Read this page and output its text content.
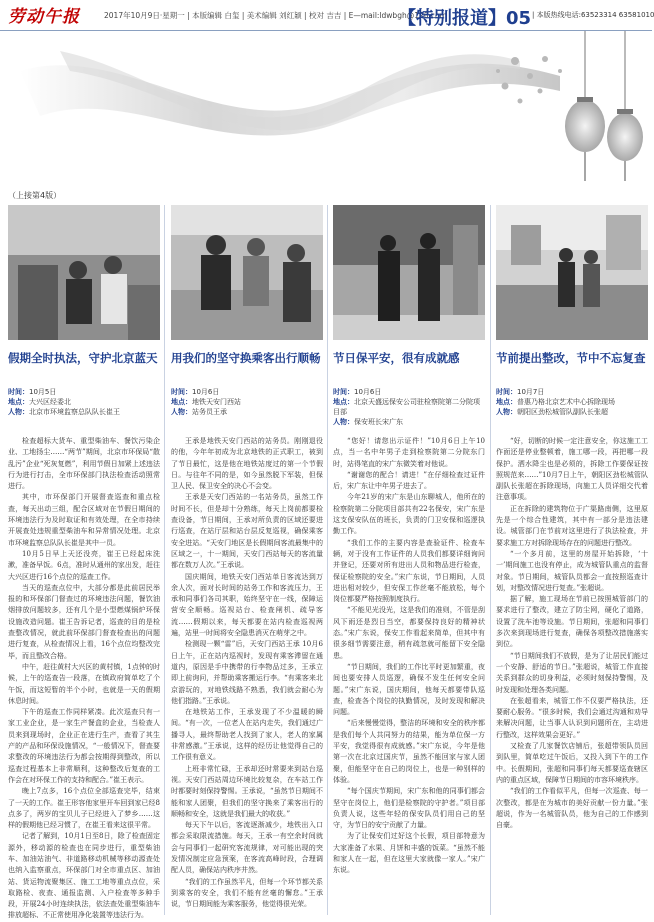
劳动午报	2017年10月9日·星期一 | 本版编辑 白玺 | 美术编辑 刘红颖 | 校对 吉吉 | E—mail:ldwbgh@126.com
【特别报道】05 | 本版热线电话:63523314 63581010
（上接第4版）
假期全时执法，守护北京蓝天
时间：10月5日
地点：大兴区经委北
人物：北京市环境监察总队队长崔王

检查超标大货车、重型柴油车、餐饮污染企业、工地扬尘……“两节”期间，北京市环保局“散乱污”企业“死灰复燃”，利用节假日加紧上述违法行为进行打击，全市环保部门执法检查活动照常进行。

其中，市环保部门开展督查巡查和重点检查，每天出动三组，配合区域对在节假日期间的环境违法行为及时取证和有效处理，在全市持续开展查处违规重型柴油车和异常情况处理。北京市环境监察总队队长崔是其中一员。

10月5日早上天还没亮，崔王已经起床洗漱，准备早饭。6点，准时从通州的家出发，赶往大兴区进行16个点位的巡查工作。

当天的巡查点位中，大部分都是此前居民举报的和环保部门督查过的环境违法问题，餐饮油烟排放问题较多，还有几个是小型燃煤锅炉环保设施改造问题。崔王告诉记者，巡查的目的是检查整改情况，就此前环保部门督查检查出的问题进行复查，从检查情况上看，16个点位均整改完毕，而且整改合格。

中午，赶往黄村大兴区的黄村镇，1点钟的时候，上午的巡查告一段落，在镇政府简单吃了个午饭，而这短暂的半个小时，也就是一天的假期休息时间。

下午的巡查工作同样紧凑。此次巡查只有一家工业企业，是一家生产餐盒的企业，当检查人员来到现场时，企业正在进行生产，查看了其生产的产品和环保设施情况，“一般情况下，督查要求整改的环境违法行为都会按期得到整改，所以巡查过程基本上非常顺利，这种整改后复查的工作会在对环保工作的支持和配合。”崔王表示。

晚上7点多，16个点位全部巡查完毕，结束了一天的工作。崔王形容他家里开车回到家已经8点多了，两岁的宝贝儿子已经进入了梦乡……这样的假期他已经习惯了，在崔王看来这很平常。

记者了解到，10月1日至8日，除了检查固定源外，移动源的检查也在同步进行，重型柴油车、加油站油气、非道路移动机械等移动源查处也纳入监察重点，环保部门对全市重点区、加油站、货运物流聚集区、施工工地等重点点位，采取路检、夜查、通报监测、入户检查等多种手段，开展24小时连续执法，依法查处重型柴油车排放超标、不正常使用净化装置等违法行为。

用我们的坚守换乘客出行顺畅
时间：10月6日
地点：地铁天安门西站
人物：站务员王承

王承是地铁天安门西站的站务员。刚刚退役的他，今年年初成为北京地铁的正式职工，被到了节日最忙，这是他在地铁站度过的第一个节假日。与往年不同的是，如今虽然脱下军装，但保卫人民、保卫安全的决心不会变。

王承是天安门西站的一名站务员，虽然工作时间不长，但是却十分熟练，每天上岗前都要检查设备，节日期间，王承对所负责的区域还要进行巡查，在站厅层和站台层反复巡视，确保乘客安全进站。“天安门地区是长假期间客流最集中的区域之一，十一期间，天安门西站每天的客流量都在数万人次。”王承说。

国庆期间，地铁天安门西站单日客流达到万余人次，面对长时间的站务工作和客流压力，王承和同事们各司其职，始终坚守在一线，保障运营安全顺畅。巡视站台、检查闸机、疏导客流……假期以来，每天都要在站内检查巡视两遍，站里一时间将安全隐患消灭在萌芽之中。

检测现一颗“雷”后，天安门西站王承 10月6日上午，正在站内巡视时，发现有乘客滞留在通道内，原因是手中携带的行李物品过多，王承立即上前询问，并帮助乘客搬运行李。“有乘客来北京游玩的，对地铁线路不熟悉，我们就会耐心为他们指路。”王承说。

在地铁站工作，王承发现了不少温暖的瞬间。“有一次，一位老人在站内走失，我们通过广播寻人，最终帮助老人找到了家人，老人的家属非常感激。”王承说，这样的经历让他觉得自己的工作很有意义。

上班非常忙碌，王承却还时常要来到站台巡视。天安门西站周边环境比较复杂，在车站工作时都要时刻保持警惕。王承说，“虽然节日期间不能和家人团聚，但我们的坚守换来了乘客出行的顺畅和安全，这就是我们最大的收获。”

每天下午以后，客流逐渐减少，地铁出入口都会采取限流措施。每天，王承一有空余时间就会与同事们一起研究客流规律，对可能出现的突发情况制定应急预案，在客流高峰时段，合理调配人员，确保站内秩序井然。

“我们的工作虽然平凡，但每一个环节都关系到乘客的安全，我们不能有丝毫的懈怠。”王承说，节日期间能为乘客服务，他觉得很光荣。

节日保平安，很有成就感
时间：10月6日
地点：北京天盛远保安公司驻检察院第二分院项目部
人物：保安班长宋广东

“您好！请您出示证件！”10月6日上午10点，当一名中年男子走到检察院第二分院东门时，站得笔直的宋广东微笑着对他说。

“谢谢您的配合！请进！”在仔细检查过证件后，宋广东让中年男子进去了。

今年21岁的宋广东是山东聊城人，他所在的检察院第二分院项目部共有22名保安，宋广东是这支保安队伍的班长，负责的门卫安保和巡逻执勤工作。

“我们工作的主要内容是查验证件、检查车辆，对于没有工作证件的人员我们都要详细询问并登记，还要对所有进出人员和物品进行检查，保证检察院的安全。”宋广东说，节日期间，人员进出相对较少，但安保工作丝毫不能放松，每个岗位都要严格按照制度执行。

“不能见光没光，这是我们的准则，不管是刮风下雨还是烈日当空，都要保持良好的精神状态。”宋广东说，保安工作看起来简单，但其中有很多细节需要注意，稍有疏忽就可能留下安全隐患。

“节日期间，我们的工作比平时更加繁重，夜间也要安排人员巡逻，确保不发生任何安全问题。”宋广东说，国庆期间，他每天都要带队巡查，检查各个岗位的执勤情况，及时发现和解决问题。

“后来慢慢觉得，整洁的环境和安全的秩序都是我们每个人共同努力的结果，能为单位保一方平安，我觉得很有成就感。”宋广东说，今年是他第一次在北京过国庆节，虽然不能回家与家人团聚，但能坚守在自己的岗位上，也是一种别样的体验。

“每个国庆节期间，宋广东和他的同事们都会坚守在岗位上，他们是检察院的守护者。”项目部负责人说，这些年轻的保安队员们用自己的坚守，为节日的安宁贡献了力量。

为了让保安们过好这个长假，项目部特意为大家准备了水果、月饼和丰盛的饭菜。“虽然不能和家人在一起，但在这里大家就像一家人。”宋广东说。

节前提出整改，节中不忘复查
时间：10月7日
地点：普惠乃格北京艺术中心拆除现场
人物：朝阳区劲松城管队副队长张超

“好，切断的时候一定注意安全，你这施工工作面还是停业整顿着，施工哪一段，再把哪一段保护。洒水降尘也是必须的，拆除工作要保证按照规范来……”10月7日上午，朝阳区劲松城管队副队长张超在拆除现场，向施工人员详细交代着注意事项。

正在拆除的建筑物位于广渠路南侧，这里原先是一个综合性建筑，其中有一部分是违法建设。城管部门在节前对这里进行了执法检查，并要求施工方对拆除现场存在的问题进行整改。

“一个多月前，这里的房屋开始拆除，‘十一’期间施工也没有停止，成为城管队重点的监督对象。节日期间，城管队员都会一直按照巡查计划，对整改情况进行复查。”张超说。

据了解，施工现场在节前已按照城管部门的要求进行了整改，建立了防尘网，硬化了道路，设置了洗车池等设施。节日期间，张超和同事们多次来到现场进行复查，确保各项整改措施落实到位。

“节日期间我们不放假，是为了让居民们能过一个安静、舒适的节日。”张超说，城管工作直接关系到群众的切身利益，必须时刻保持警惕，及时发现和处理各类问题。

在张超看来，城管工作不仅要严格执法，还要耐心服务。“很多时候，我们会通过沟通和劝导来解决问题，让当事人认识到问题所在，主动进行整改，这样效果会更好。”

又检查了几家餐饮店铺后，张超带领队员回到队里，简单吃过午饭后，又投入到下午的工作中。长假期间，张超和同事们每天都要巡查辖区内的重点区域，保障节日期间的市容环境秩序。

“我们的工作看似平凡，但每一次巡查、每一次整改，都是在为城市的美好贡献一份力量。”张超说，作为一名城管队员，他为自己的工作感到自豪。
